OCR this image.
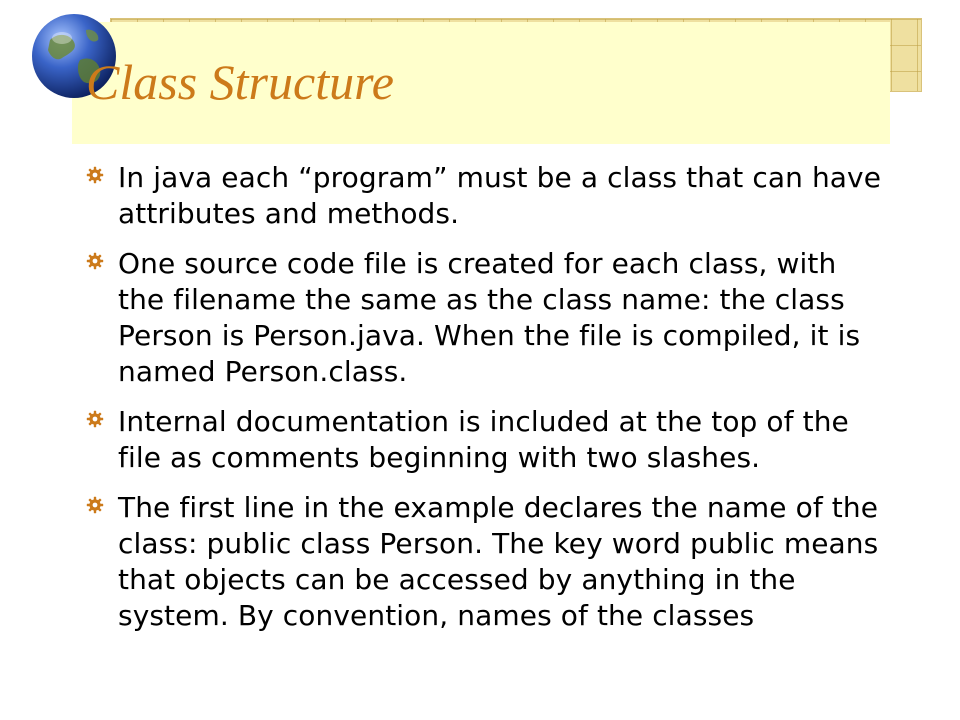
Class Structure
In java each “program” must be a class that can have attributes and methods.
One source code file is created for each class, with the filename the same as the class name: the class Person is Person.java. When the file is compiled, it is named Person.class.
Internal documentation is included at the top of the file as comments beginning with two slashes.
The first line in the example declares the name of the class: public class Person. The key word public means that objects can be accessed by anything in the system. By convention, names of the classes
